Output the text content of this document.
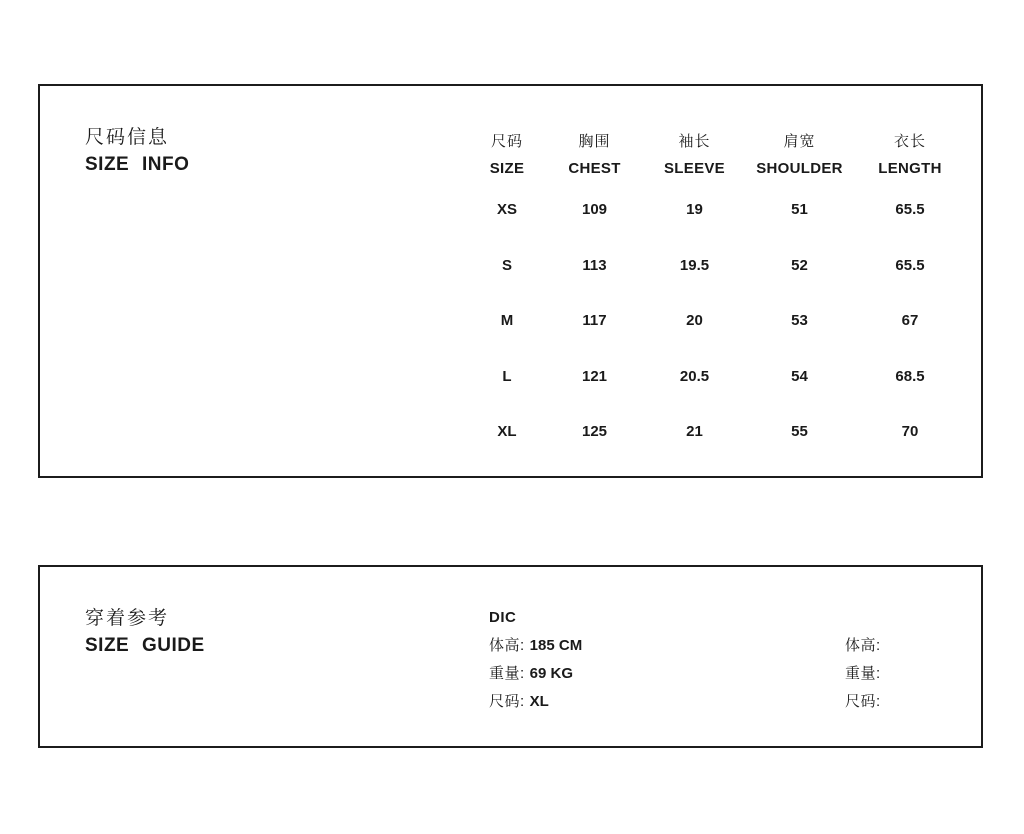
尺码信息
SIZE INFO
尺码	胸围	袖长	肩宽	衣长
SIZE	CHEST	SLEEVE	SHOULDER	LENGTH
XS	109	19	51	65.5
S	113	19.5	52	65.5
M	117	20	53	67
L	121	20.5	54	68.5
XL	125	21	55	70
穿着参考
SIZE GUIDE
DIC
体高: 185 CM
重量: 69 KG
尺码: XL
体高:
重量:
尺码:
